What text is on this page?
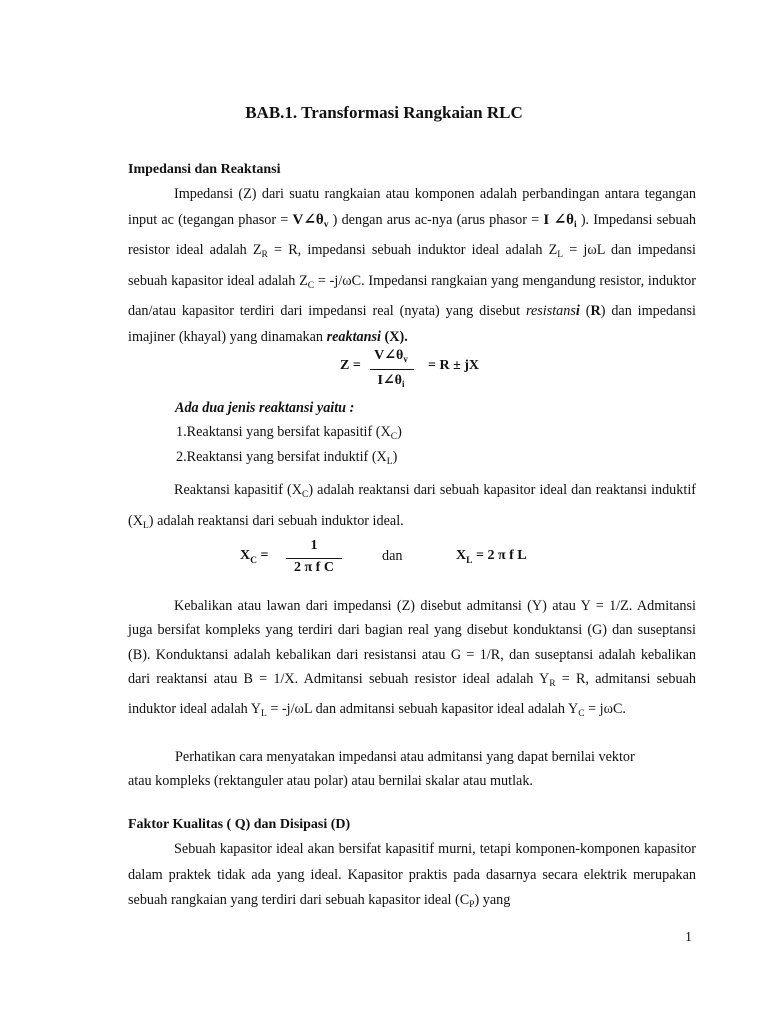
BAB.1. Transformasi Rangkaian RLC
Impedansi dan Reaktansi

Impedansi (Z) dari suatu rangkaian atau komponen adalah perbandingan antara tegangan input ac (tegangan phasor = $V\angle\theta_v$ ) dengan arus ac-nya (arus phasor = I $\angle\theta_i$ ). Impedansi sebuah resistor ideal adalah $Z_R = R$, impedansi sebuah induktor ideal adalah $Z_L = j\omega L$ dan impedansi sebuah kapasitor ideal adalah $Z_C = -j/\omega C$. Impedansi rangkaian yang mengandung resistor, induktor dan/atau kapasitor terdiri dari impedansi real (nyata) yang disebut resistansi (R) dan impedansi imajiner (khayal) yang dinamakan reaktansi (X).

Z =
$V\angle\theta_v$
$I\angle\theta_i$
= R ± jX
Ada dua jenis reaktansi yaitu :
1.Reaktansi yang bersifat kapasitif $(X_C)$
2.Reaktansi yang bersifat induktif $(X_L)$

Reaktansi kapasitif $(X_C)$ adalah reaktansi dari sebuah kapasitor ideal dan reaktansi induktif $(X_L)$ adalah reaktansi dari sebuah induktor ideal.

$X_C$ =
1
2 π f C
dan	$X_L = 2$ π f L

Kebalikan atau lawan dari impedansi (Z) disebut admitansi (Y) atau Y = 1/Z. Admitansi juga bersifat kompleks yang terdiri dari bagian real yang disebut konduktansi (G) dan suseptansi (B). Konduktansi adalah kebalikan dari resistansi atau G = 1/R, dan suseptansi adalah kebalikan dari reaktansi atau B = 1/X. Admitansi sebuah resistor ideal adalah $Y_R = R$, admitansi sebuah induktor ideal adalah $Y_L = -j/\omega L$ dan admitansi sebuah kapasitor ideal adalah $Y_C = j\omega C$.

Perhatikan cara menyatakan impedansi atau admitansi yang dapat bernilai vektor
atau kompleks (rektanguler atau polar) atau bernilai skalar atau mutlak.
Faktor Kualitas ( Q) dan Disipasi (D)

Sebuah kapasitor ideal akan bersifat kapasitif murni, tetapi komponen-komponen kapasitor dalam praktek tidak ada yang ideal. Kapasitor praktis pada dasarnya secara elektrik merupakan sebuah rangkaian yang terdiri dari sebuah kapasitor ideal $(C_P)$ yang

1
